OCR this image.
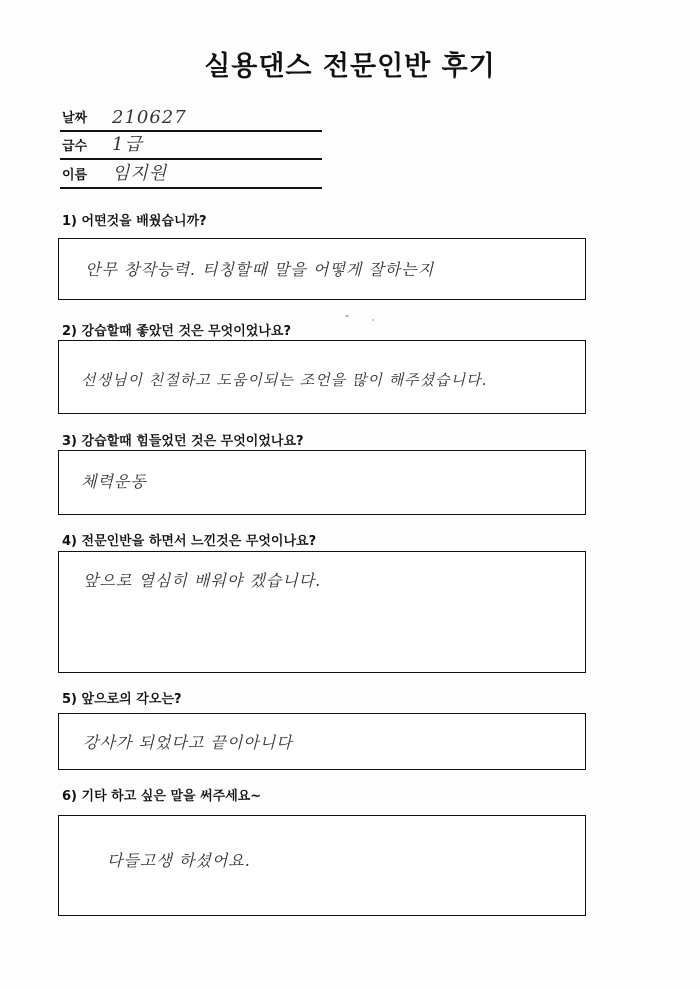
실용댄스 전문인반 후기
날짜 210627
급수 1급
이름 임지원
1) 어떤것을 배웠습니까?
안무 창작능력. 티칭할때 말을 어떻게 잘하는지
2) 강습할때 좋았던 것은 무엇이었나요?
선생님이 친절하고 도움이되는 조언을 많이 해주셨습니다.
3) 강습할때 힘들었던 것은 무엇이었나요?
체력운동
4) 전문인반을 하면서 느낀것은 무엇이나요?
앞으로 열심히 배워야 겠습니다.
5) 앞으로의 각오는?
강사가 되었다고 끝이아니다
6) 기타 하고 싶은 말을 써주세요~
다들고생 하셨어요.
